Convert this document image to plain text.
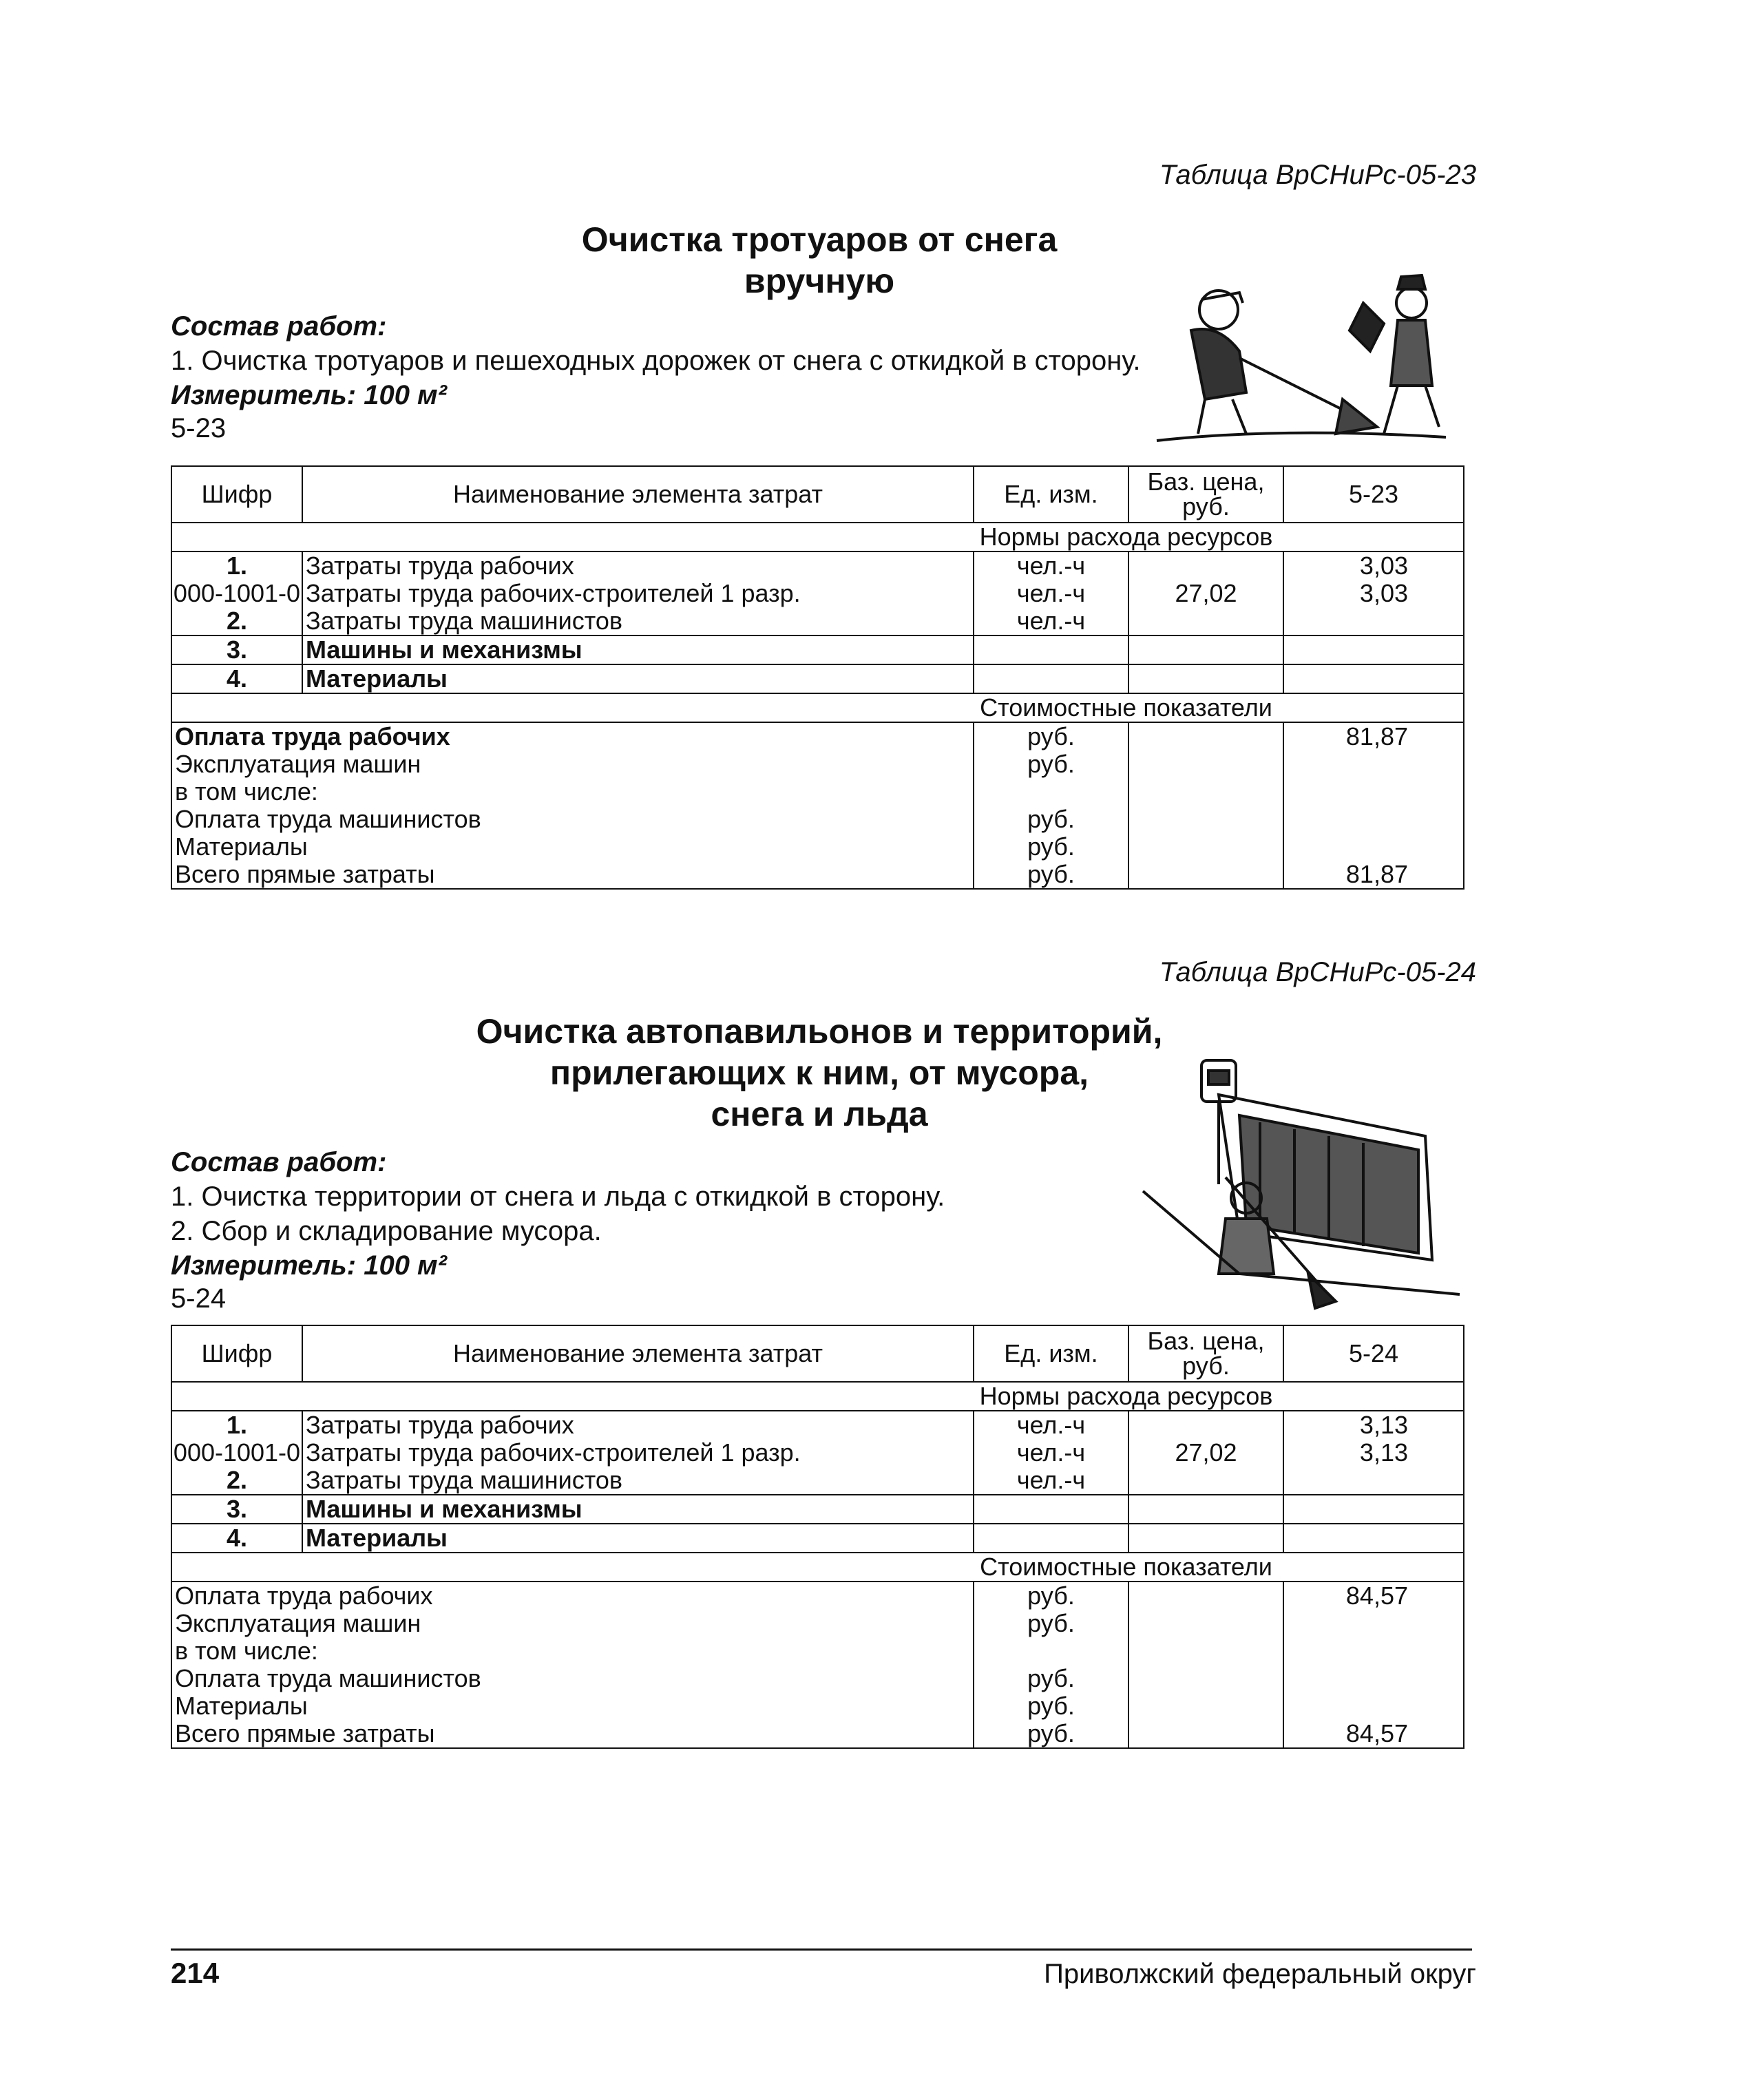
Таблица ВрСНиРс-05-23
Очистка тротуаров от снега
вручную
Состав работ:
1. Очистка тротуаров и пешеходных дорожек от снега с откидкой в сторону.
Измеритель: 100 м²
5-23
Шифр	Наименование элемента затрат	Ед. изм.	Баз. цена, руб.	5-23
Нормы расхода ресурсов				
1.	Затраты труда рабочих	чел.-ч		3,03
000-1001-0	Затраты труда рабочих-строителей 1 разр.	чел.-ч	27,02	3,03
2.	Затраты труда машинистов	чел.-ч		
3.	Машины и механизмы			
4.	Материалы			
Стоимостные показатели				
Оплата труда рабочих		руб.		81,87
Эксплуатация машин		руб.		
в том числе:				
Оплата труда машинистов		руб.		
Материалы		руб.		
Всего прямые затраты		руб.		81,87
Таблица ВрСНиРс-05-24
Очистка автопавильонов и территорий,
прилегающих к ним, от мусора,
снега и льда
Состав работ:
1. Очистка территории от снега и льда с откидкой в сторону.
2. Сбор и складирование мусора.
Измеритель: 100 м²
5-24
Шифр	Наименование элемента затрат	Ед. изм.	Баз. цена, руб.	5-24
Нормы расхода ресурсов				
1.	Затраты труда рабочих	чел.-ч		3,13
000-1001-0	Затраты труда рабочих-строителей 1 разр.	чел.-ч	27,02	3,13
2.	Затраты труда машинистов	чел.-ч		
3.	Машины и механизмы			
4.	Материалы			
Стоимостные показатели				
Оплата труда рабочих		руб.		84,57
Эксплуатация машин		руб.		
в том числе:				
Оплата труда машинистов		руб.		
Материалы		руб.		
Всего прямые затраты		руб.		84,57
214	Приволжский федеральный округ
